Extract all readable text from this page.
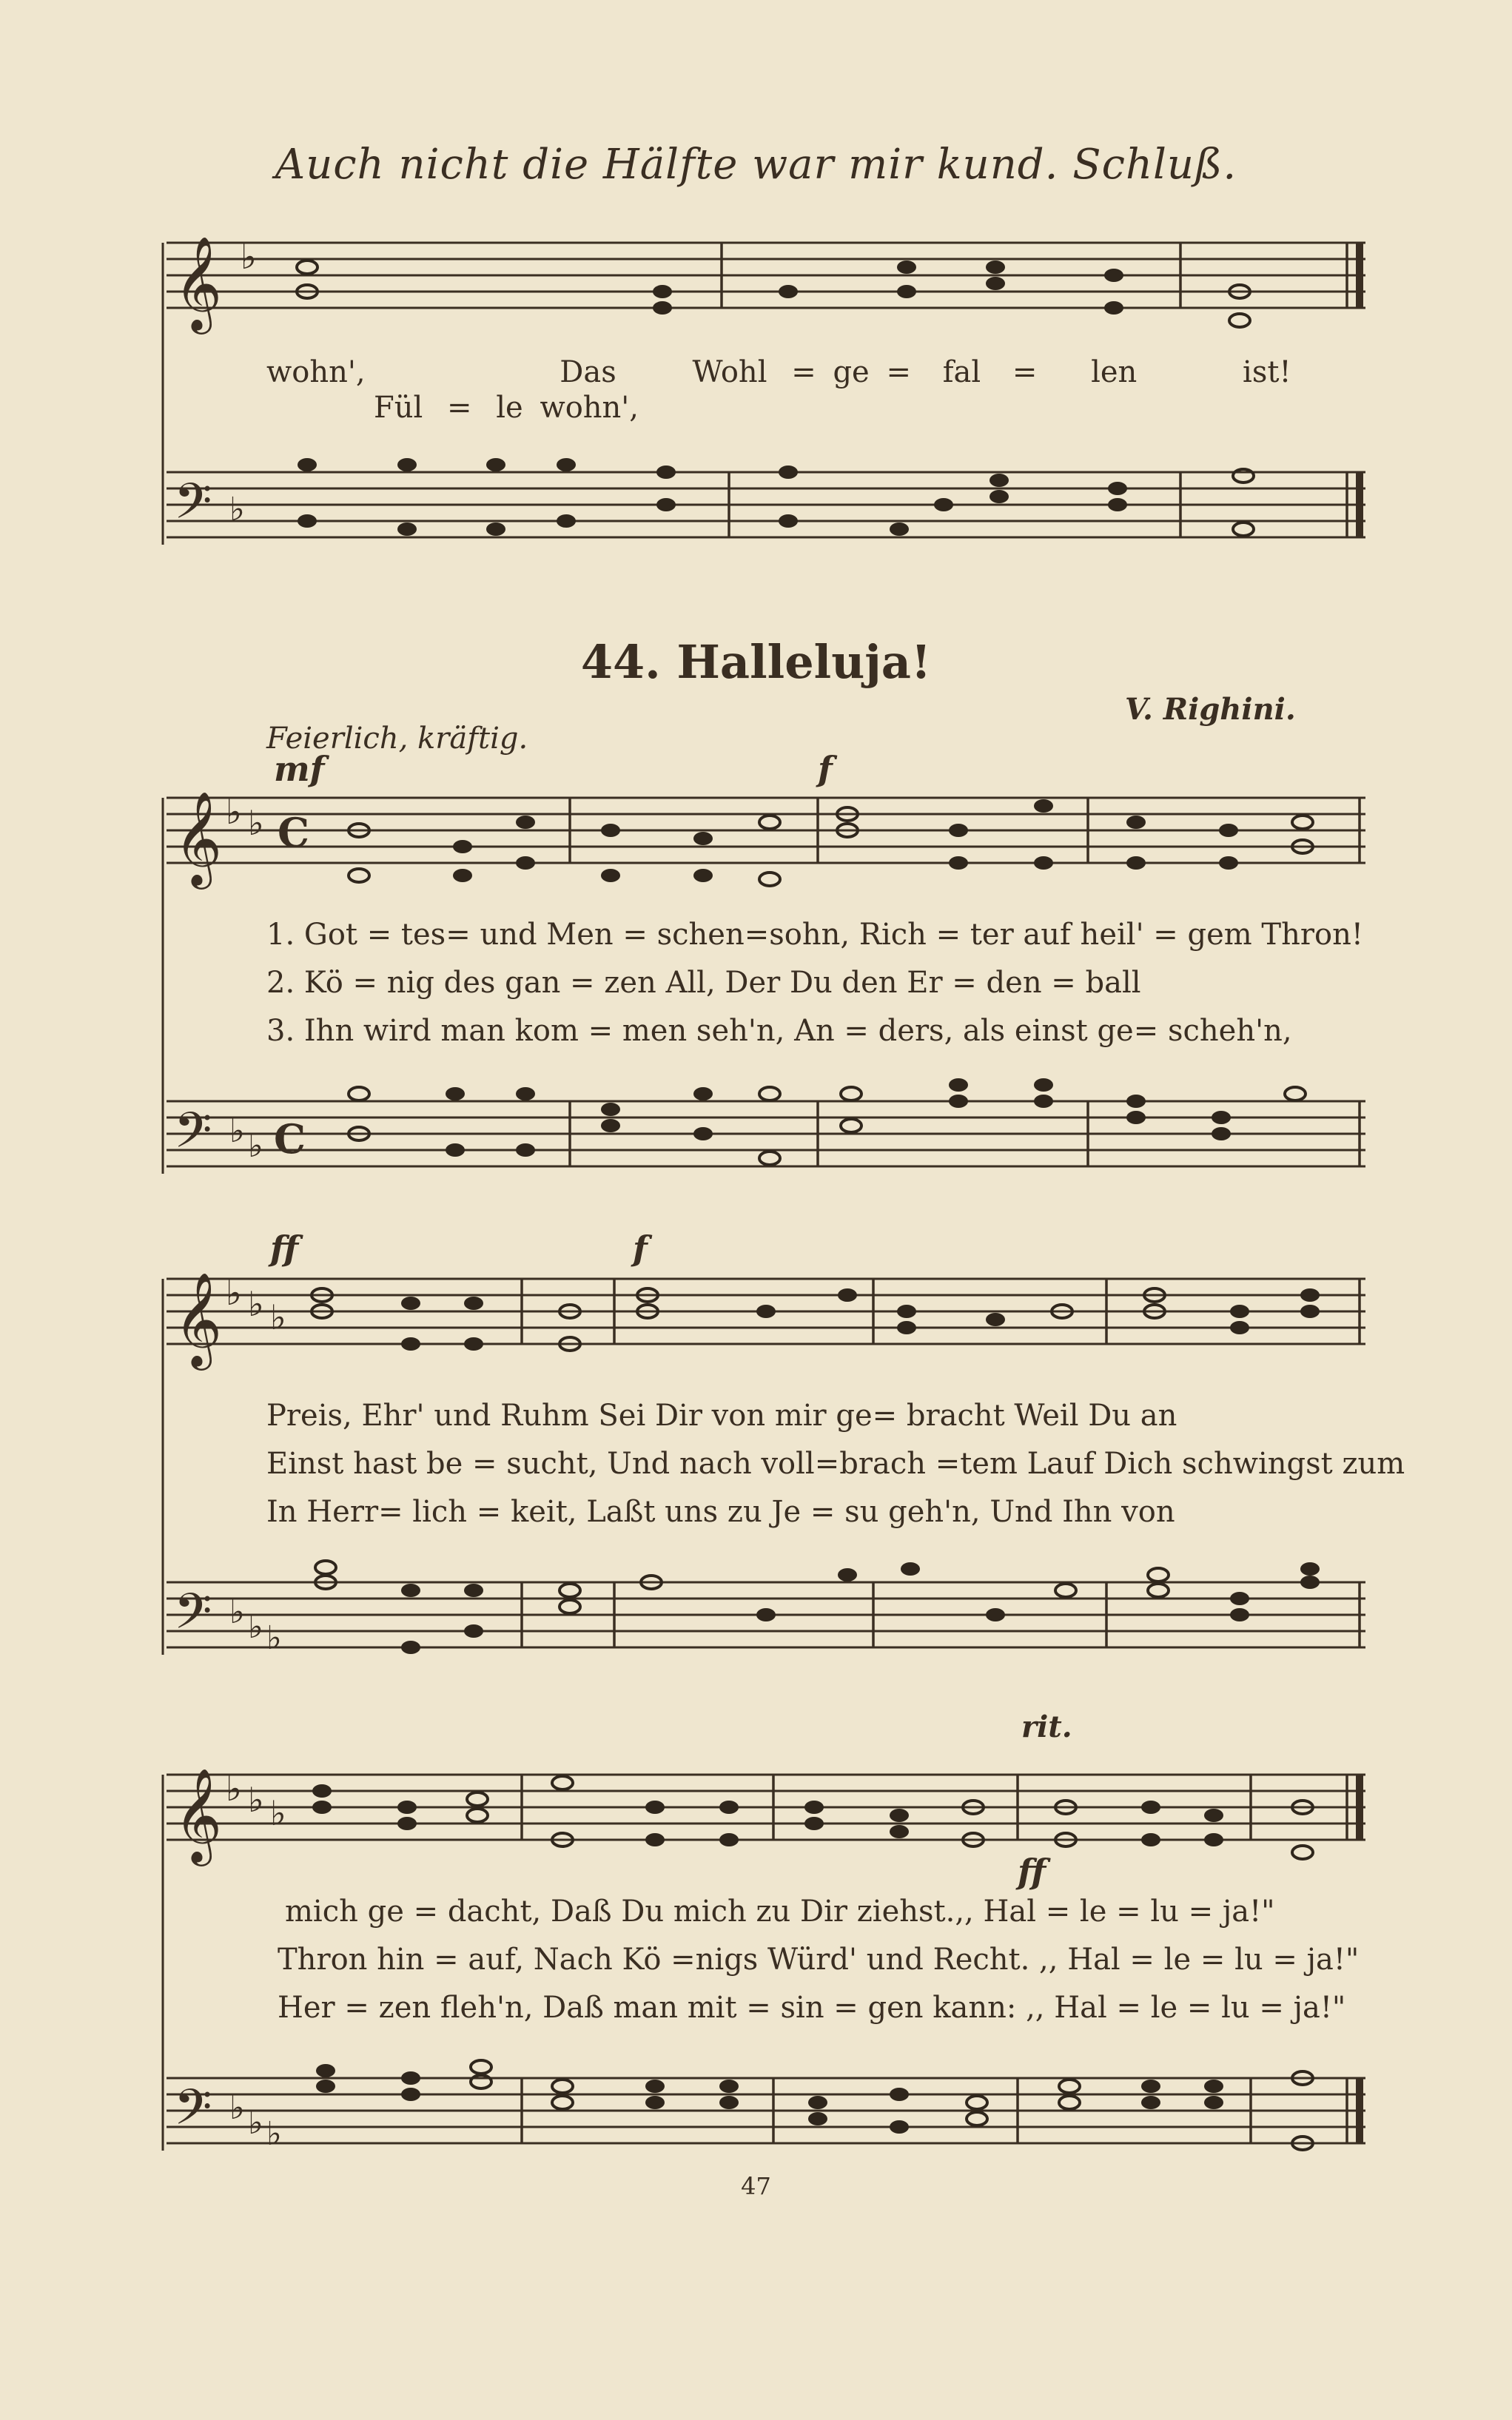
Auch nicht die Hälfte war mir kund. Schluß.
𝄞 ♭
wohn',	Das	Wohl = ge = fal = len	ist!
Fül = le wohn',
𝄢 ♭
44. Halleluja!
V. Righini.
Feierlich, kräftig.
mf	f
𝄞 ♭ ♭ C
1. Got = tes= und Men = schen=sohn, Rich = ter auf heil' = gem Thron!
2. Kö = nig des gan = zen All, Der Du den Er = den = ball
3. Ihn wird man kom = men seh'n, An = ders, als einst ge= scheh'n,
𝄢 ♭ ♭ C
ff	f
𝄞 ♭ ♭ ♭
Preis, Ehr' und Ruhm Sei Dir von mir ge= bracht Weil Du an
Einst hast be = sucht, Und nach voll=brach =tem Lauf Dich schwingst zum
In Herr= lich = keit, Laßt uns zu Je = su geh'n, Und Ihn von
𝄢 ♭ ♭ ♭
rit.
ff
𝄞 ♭ ♭ ♭
mich ge = dacht, Daß Du mich zu Dir ziehst.,, Hal = le = lu = ja!"
Thron hin = auf, Nach Kö =nigs Würd' und Recht. ,, Hal = le = lu = ja!"
Her = zen fleh'n, Daß man mit = sin = gen kann: ,, Hal = le = lu = ja!"
𝄢 ♭ ♭ ♭
47
